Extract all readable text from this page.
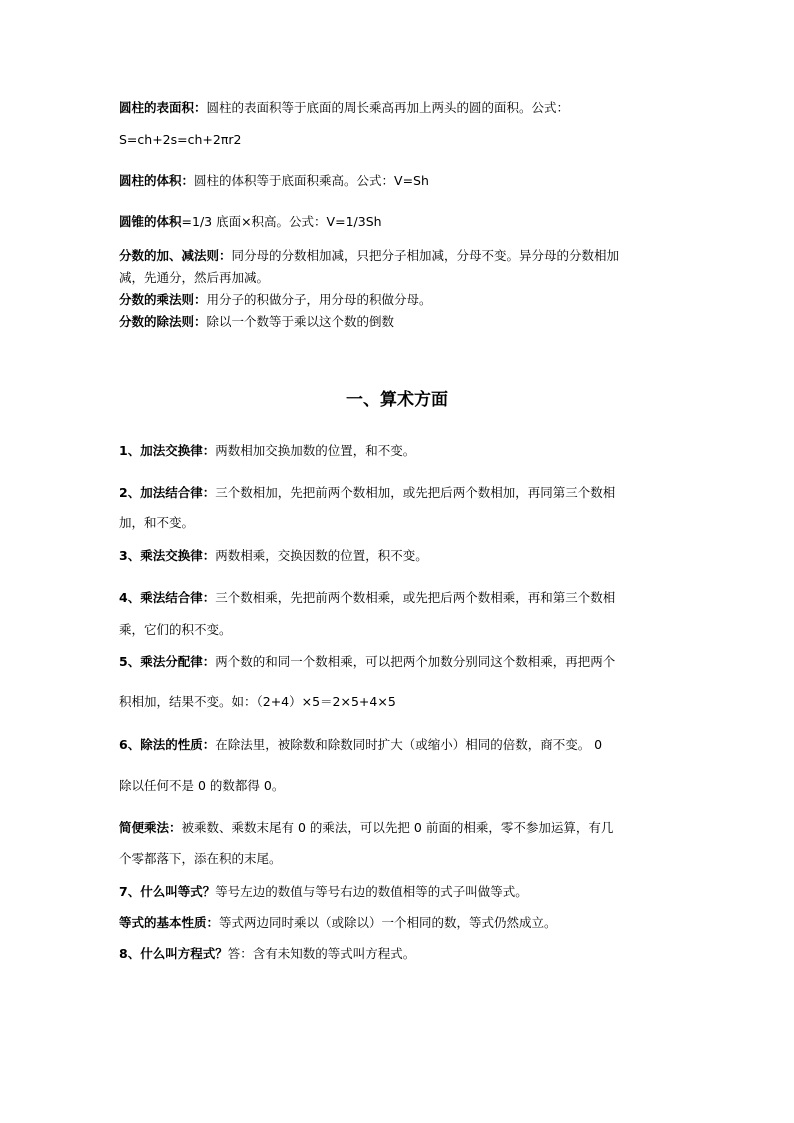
圆柱的表面积：圆柱的表面积等于底面的周长乘高再加上两头的圆的面积。公式：
S=ch+2s=ch+2πr2
圆柱的体积：圆柱的体积等于底面积乘高。公式：V=Sh
圆锥的体积=1/3 底面×积高。公式：V=1/3Sh
分数的加、减法则：同分母的分数相加减，只把分子相加减，分母不变。异分母的分数相加
减，先通分，然后再加减。
分数的乘法则：用分子的积做分子，用分母的积做分母。
分数的除法则：除以一个数等于乘以这个数的倒数
一、算术方面
1、加法交换律：两数相加交换加数的位置，和不变。
2、加法结合律：三个数相加，先把前两个数相加，或先把后两个数相加，再同第三个数相
加，和不变。
3、乘法交换律：两数相乘，交换因数的位置，积不变。
4、乘法结合律：三个数相乘，先把前两个数相乘，或先把后两个数相乘，再和第三个数相
乘，它们的积不变。
5、乘法分配律：两个数的和同一个数相乘，可以把两个加数分别同这个数相乘，再把两个
积相加，结果不变。如：（2+4）×5＝2×5+4×5
6、除法的性质：在除法里，被除数和除数同时扩大（或缩小）相同的倍数，商不变。 0
除以任何不是 0 的数都得 0。
简便乘法：被乘数、乘数末尾有 0 的乘法，可以先把 0 前面的相乘，零不参加运算，有几
个零都落下，添在积的末尾。
7、什么叫等式？等号左边的数值与等号右边的数值相等的式子叫做等式。
等式的基本性质：等式两边同时乘以（或除以）一个相同的数，等式仍然成立。
8、什么叫方程式？答：含有未知数的等式叫方程式。
